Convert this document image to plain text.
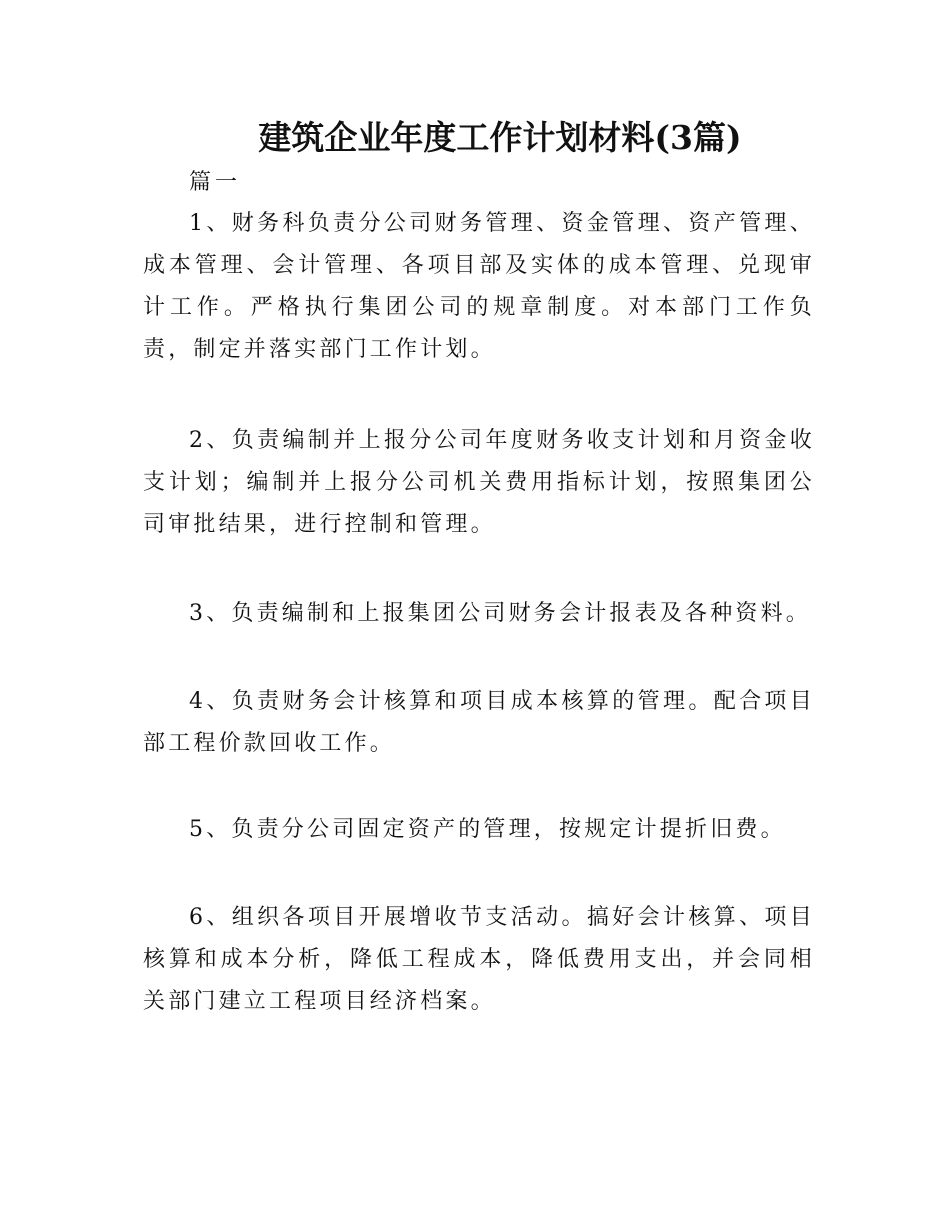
建筑企业年度工作计划材料(3篇)

篇一

1、财务科负责分公司财务管理、资金管理、资产管理、成本管理、会计管理、各项目部及实体的成本管理、兑现审计工作。严格执行集团公司的规章制度。对本部门工作负责，制定并落实部门工作计划。

2、负责编制并上报分公司年度财务收支计划和月资金收支计划；编制并上报分公司机关费用指标计划，按照集团公司审批结果，进行控制和管理。

3、负责编制和上报集团公司财务会计报表及各种资料。

4、负责财务会计核算和项目成本核算的管理。配合项目部工程价款回收工作。

5、负责分公司固定资产的管理，按规定计提折旧费。

6、组织各项目开展增收节支活动。搞好会计核算、项目核算和成本分析，降低工程成本，降低费用支出，并会同相关部门建立工程项目经济档案。
